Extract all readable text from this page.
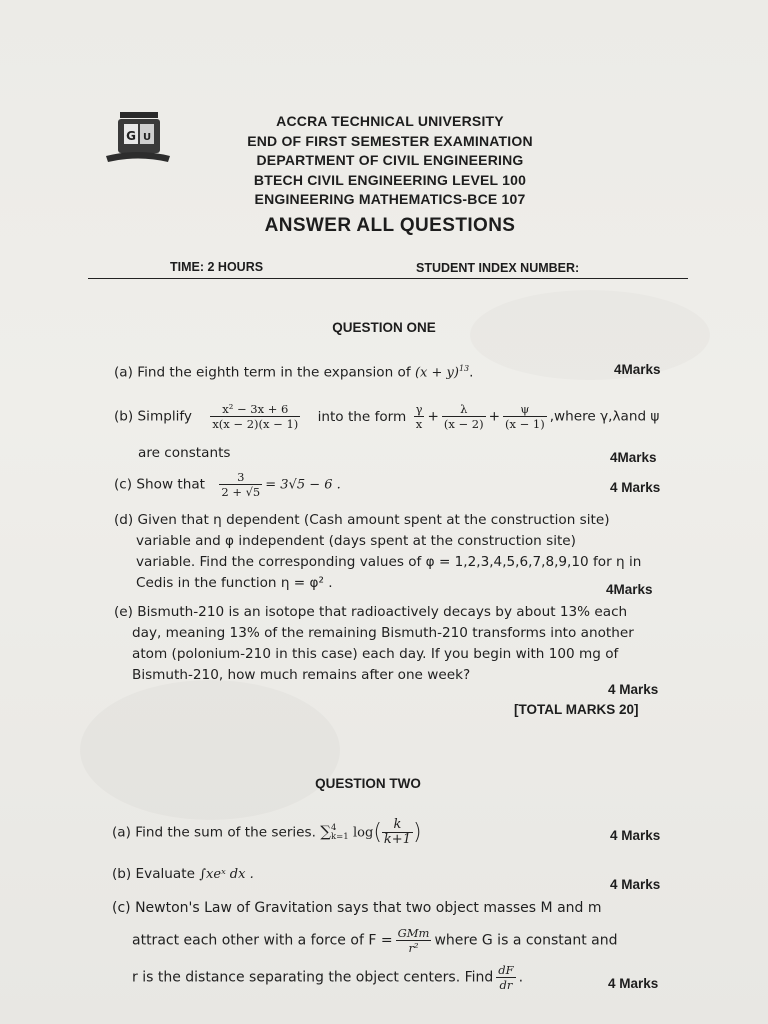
G U
ACCRA TECHNICAL UNIVERSITY
END OF FIRST SEMESTER EXAMINATION
DEPARTMENT OF CIVIL ENGINEERING
BTECH CIVIL ENGINEERING LEVEL 100
ENGINEERING MATHEMATICS-BCE 107
ANSWER ALL QUESTIONS
TIME: 2 HOURS	STUDENT INDEX NUMBER:
QUESTION ONE
(a) Find the eighth term in the expansion of $(x + y)^{13}$.	4Marks
(b) Simplify $\frac{\text{x² − 3x + 6}}{x(x - 2)(x - 1)}$ into the form $\frac{\gamma}{x} + \frac{\lambda}{(x - 2)} + \frac{\psi}{(x - 1)}$ ,where γ,λand ψ
are constants	4Marks
(c) Show that $\frac{3}{2 + √5} = 3√5 - 6$ .	4 Marks
(d) Given that η dependent (Cash amount spent at the construction site)
variable and φ independent (days spent at the construction site)
variable. Find the corresponding values of φ = 1,2,3,4,5,6,7,8,9,10 for η in
Cedis in the function η = φ² .	4Marks
(e) Bismuth-210 is an isotope that radioactively decays by about 13% each
day, meaning 13% of the remaining Bismuth-210 transforms into another
atom (polonium-210 in this case) each day. If you begin with 100 mg of
Bismuth-210, how much remains after one week?
4 Marks
[TOTAL MARKS 20]
QUESTION TWO
(a) Find the sum of the series. ∑ 4
k=1 $\log( \frac{k}{k+1}$ )	4 Marks
(b) Evaluate ∫xeˣ dx .
4 Marks
(c) Newton's Law of Gravitation says that two object masses M and m
attract each other with a force of $F = \frac{\text{GMm}}{\text{r²}}$ where G is a constant and
r is the distance separating the object centers. Find $\frac{dF}{dr}$ .	4 Marks
